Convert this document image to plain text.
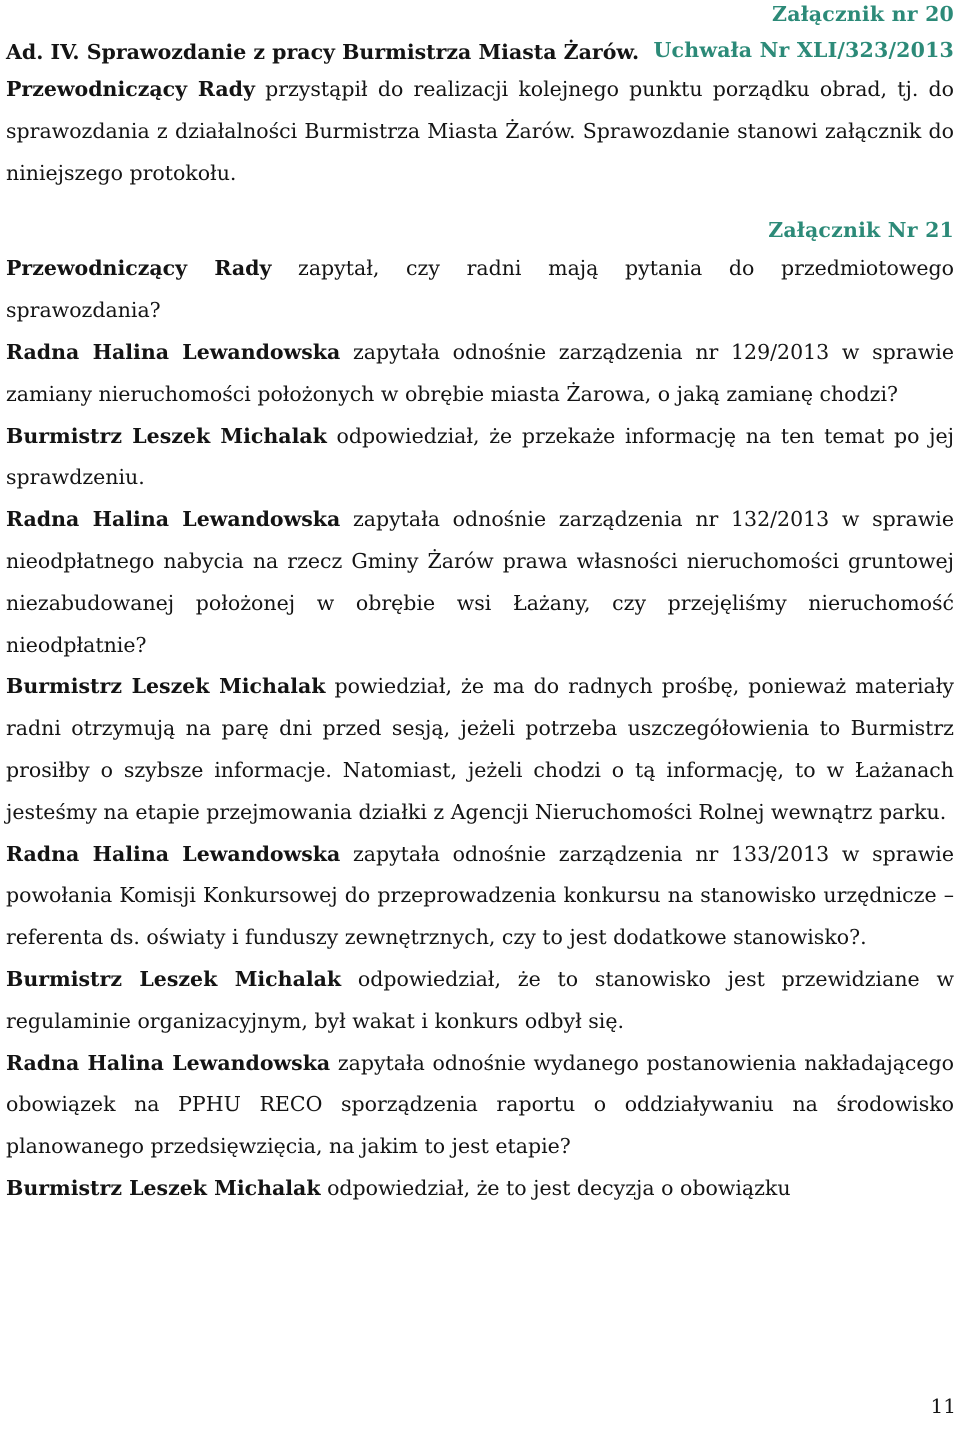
Załącznik nr 20
Uchwała Nr XLI/323/2013
Ad. IV. Sprawozdanie z pracy Burmistrza Miasta Żarów.

Przewodniczący Rady przystąpił do realizacji kolejnego punktu porządku obrad, tj. do sprawozdania z działalności Burmistrza Miasta Żarów. Sprawozdanie stanowi załącznik do niniejszego protokołu.

Załącznik Nr 21

Przewodniczący Rady zapytał, czy radni mają pytania do przedmiotowego sprawozdania?

Radna Halina Lewandowska zapytała odnośnie zarządzenia nr 129/2013 w sprawie zamiany nieruchomości położonych w obrębie miasta Żarowa, o jaką zamianę chodzi?

Burmistrz Leszek Michalak odpowiedział, że przekaże informację na ten temat po jej sprawdzeniu.

Radna Halina Lewandowska zapytała odnośnie zarządzenia nr 132/2013 w sprawie nieodpłatnego nabycia na rzecz Gminy Żarów prawa własności nieruchomości gruntowej niezabudowanej położonej w obrębie wsi Łażany, czy przejęliśmy nieruchomość nieodpłatnie?

Burmistrz Leszek Michalak powiedział, że ma do radnych prośbę, ponieważ materiały radni otrzymują na parę dni przed sesją, jeżeli potrzeba uszczegółowienia to Burmistrz prosiłby o szybsze informacje. Natomiast, jeżeli chodzi o tą informację, to w Łażanach jesteśmy na etapie przejmowania działki z Agencji Nieruchomości Rolnej wewnątrz parku.

Radna Halina Lewandowska zapytała odnośnie zarządzenia nr 133/2013 w sprawie powołania Komisji Konkursowej do przeprowadzenia konkursu na stanowisko urzędnicze – referenta ds. oświaty i funduszy zewnętrznych, czy to jest dodatkowe stanowisko?.

Burmistrz Leszek Michalak odpowiedział, że to stanowisko jest przewidziane w regulaminie organizacyjnym, był wakat i konkurs odbył się.

Radna Halina Lewandowska zapytała odnośnie wydanego postanowienia nakładającego obowiązek na PPHU RECO sporządzenia raportu o oddziaływaniu na środowisko planowanego przedsięwzięcia, na jakim to jest etapie?

Burmistrz Leszek Michalak odpowiedział, że to jest decyzja o obowiązku

11
